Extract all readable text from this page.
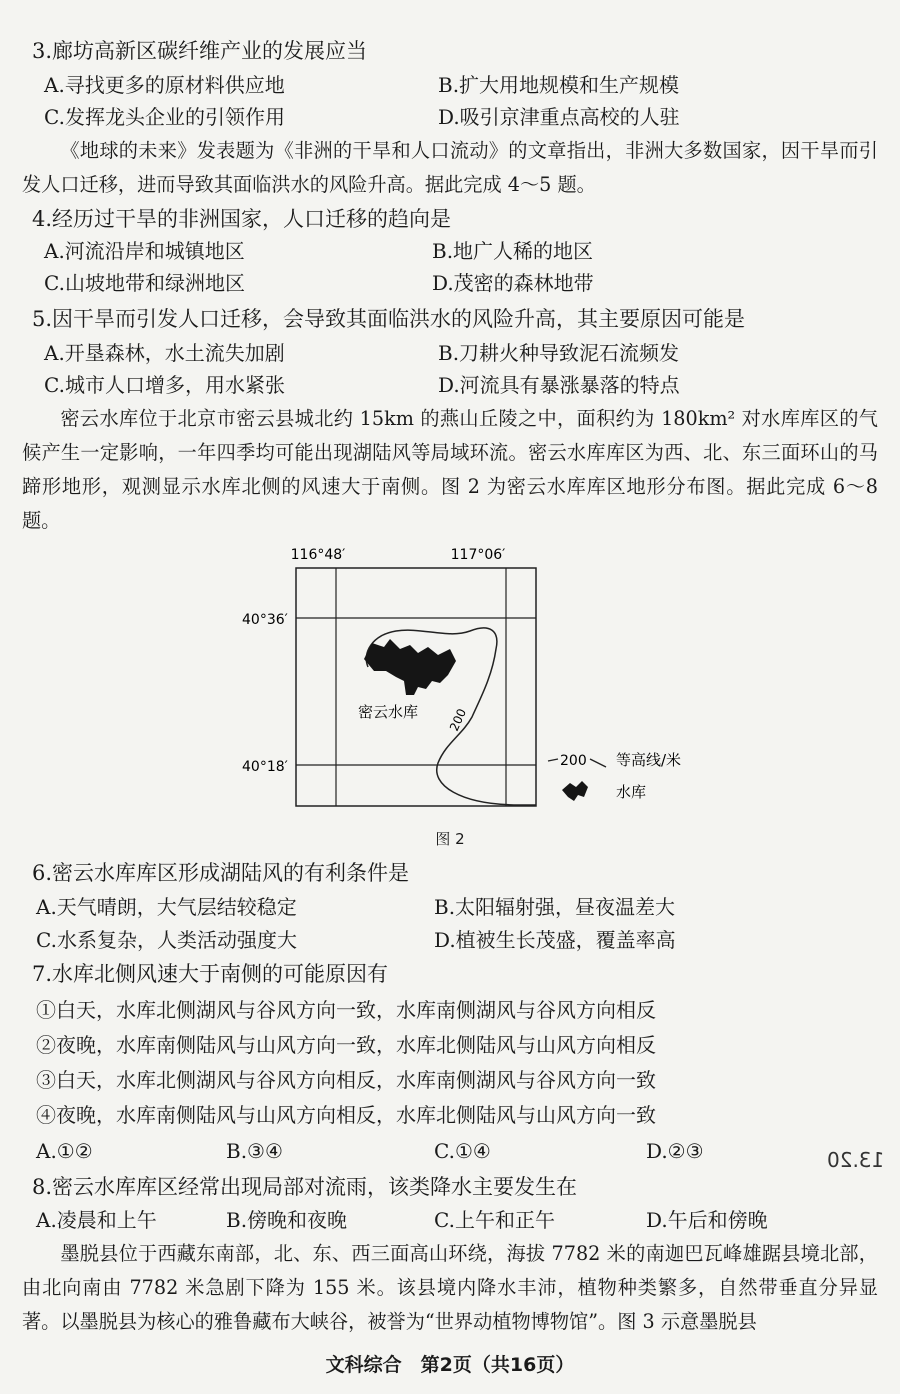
3.廊坊高新区碳纤维产业的发展应当
A.寻找更多的原材料供应地	B.扩大用地规模和生产规模
C.发挥龙头企业的引领作用	D.吸引京津重点高校的人驻
《地球的未来》发表题为《非洲的干旱和人口流动》的文章指出，非洲大多数国家，因干旱而引发人口迁移，进而导致其面临洪水的风险升高。据此完成 4～5 题。
4.经历过干旱的非洲国家，人口迁移的趋向是
A.河流沿岸和城镇地区	B.地广人稀的地区
C.山坡地带和绿洲地区	D.茂密的森林地带
5.因干旱而引发人口迁移，会导致其面临洪水的风险升高，其主要原因可能是
A.开垦森林，水土流失加剧	B.刀耕火种导致泥石流频发
C.城市人口增多，用水紧张	D.河流具有暴涨暴落的特点
密云水库位于北京市密云县城北约 15km 的燕山丘陵之中，面积约为 180km² 对水库库区的气候产生一定影响，一年四季均可能出现湖陆风等局域环流。密云水库库区为西、北、东三面环山的马蹄形地形，观测显示水库北侧的风速大于南侧。图 2 为密云水库库区地形分布图。据此完成 6～8 题。
116°48′	117°06′
40°36′
40°18′
200
密云水库
200 等高线/米
水库
图 2
6.密云水库库区形成湖陆风的有利条件是
A.天气晴朗，大气层结较稳定	B.太阳辐射强，昼夜温差大
C.水系复杂，人类活动强度大	D.植被生长茂盛，覆盖率高
7.水库北侧风速大于南侧的可能原因有
①白天，水库北侧湖风与谷风方向一致，水库南侧湖风与谷风方向相反
②夜晚，水库南侧陆风与山风方向一致，水库北侧陆风与山风方向相反
③白天，水库北侧湖风与谷风方向相反，水库南侧湖风与谷风方向一致
④夜晚，水库南侧陆风与山风方向相反，水库北侧陆风与山风方向一致
A.①②	B.③④	C.①④	D.②③	13.20
8.密云水库库区经常出现局部对流雨，该类降水主要发生在
A.凌晨和上午	B.傍晚和夜晚	C.上午和正午	D.午后和傍晚
墨脱县位于西藏东南部，北、东、西三面高山环绕，海拔 7782 米的南迦巴瓦峰雄踞县境北部，由北向南由 7782 米急剧下降为 155 米。该县境内降水丰沛，植物种类繁多，自然带垂直分异显著。以墨脱县为核心的雅鲁藏布大峡谷，被誉为“世界动植物博物馆”。图 3 示意墨脱县
文科综合　第2页（共16页）
